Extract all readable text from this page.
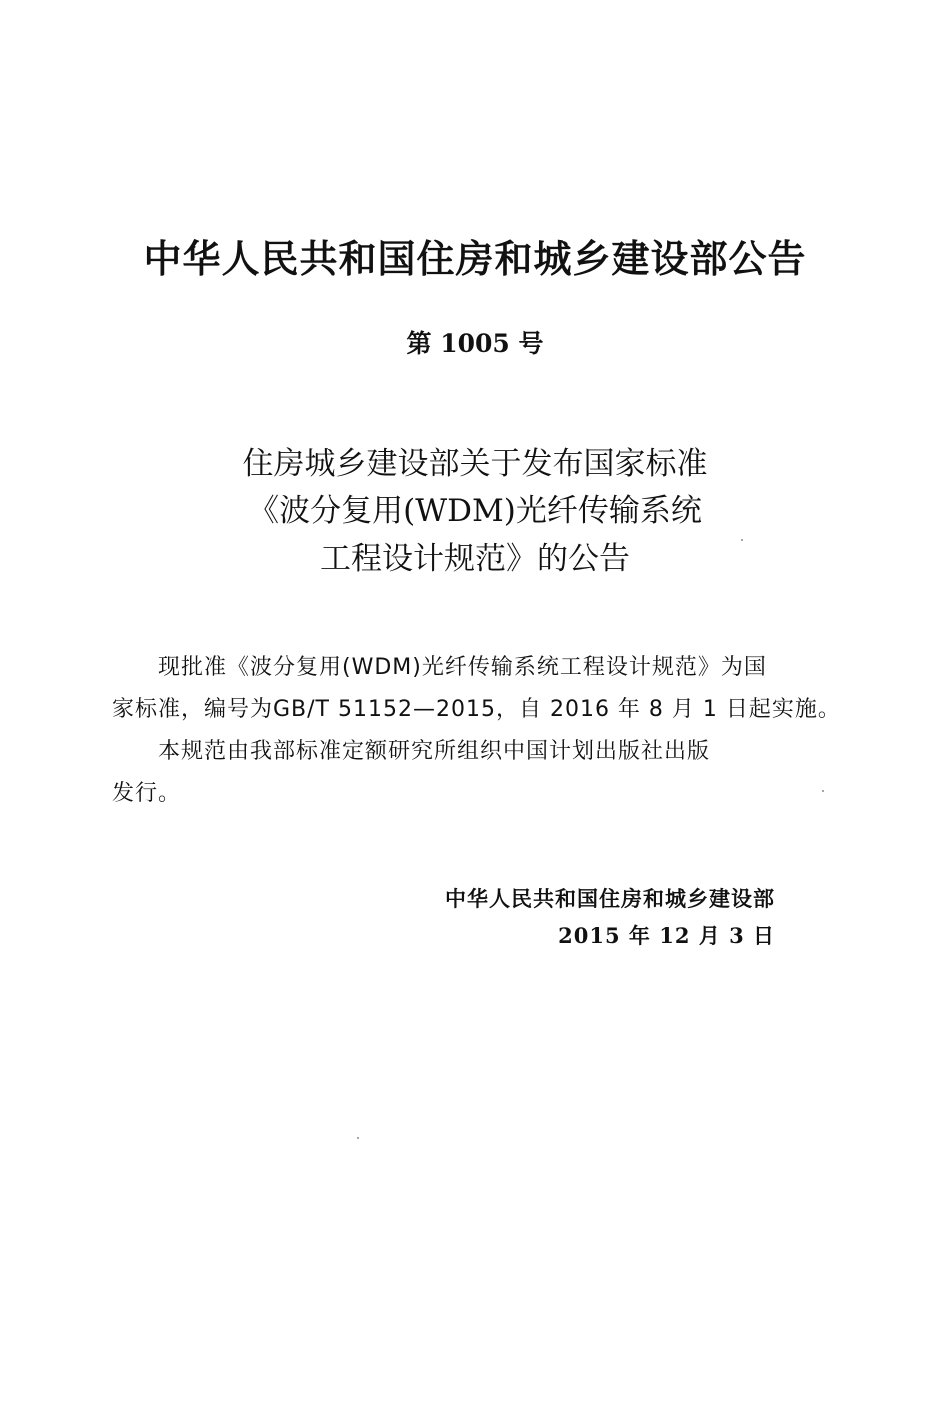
中华人民共和国住房和城乡建设部公告
第 1005 号
住房城乡建设部关于发布国家标准
《波分复用(WDM)光纤传输系统
工程设计规范》的公告
现批准《波分复用(WDM)光纤传输系统工程设计规范》为国
家标准，编号为GB/T 51152—2015，自 2016 年 8 月 1 日起实施。
本规范由我部标准定额研究所组织中国计划出版社出版
发行。
中华人民共和国住房和城乡建设部
2015 年 12 月 3 日
